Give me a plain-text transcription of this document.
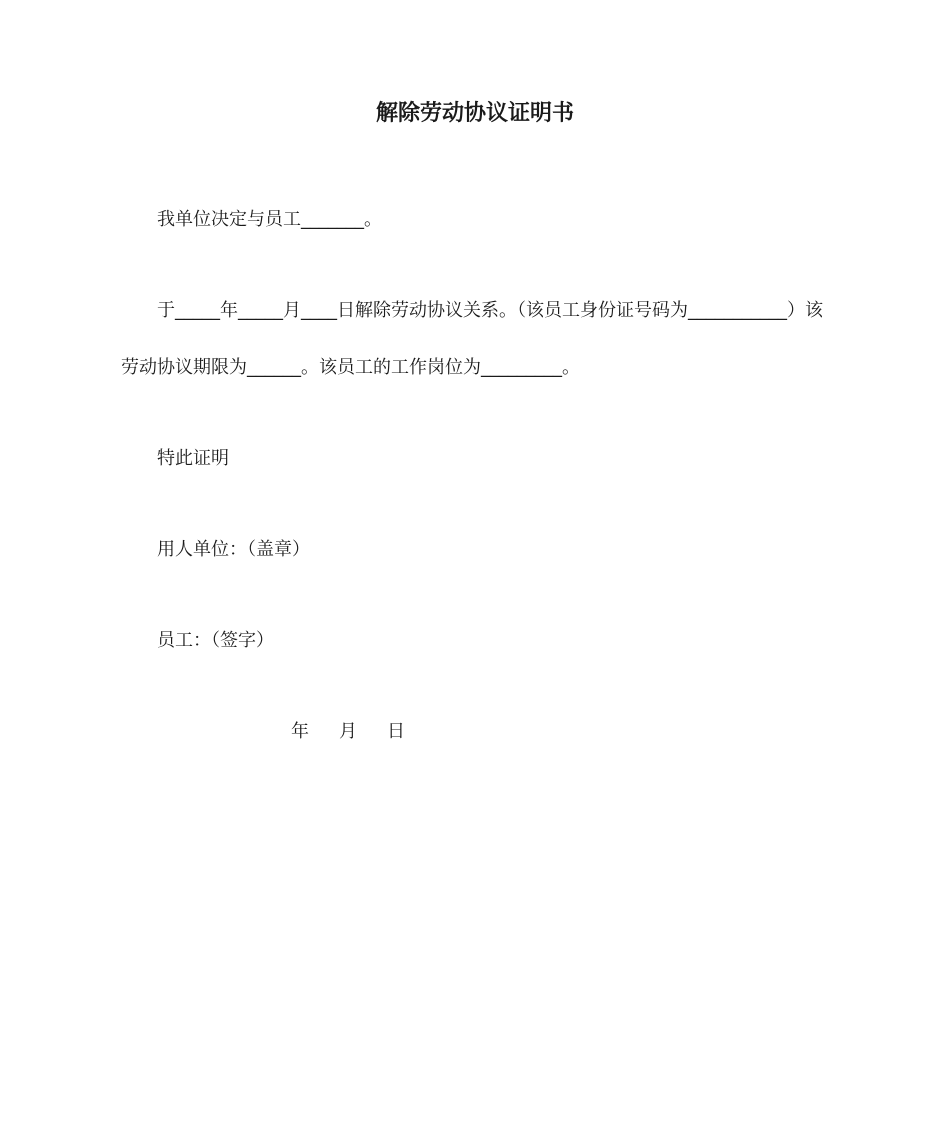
解除劳动协议证明书
我单位决定与员工_______。
于_____年_____月____日解除劳动协议关系。（该员工身份证号码为___________）该
劳动协议期限为______。该员工的工作岗位为_________。
特此证明
用人单位：（盖章）
员工：（签字）
年 月 日
